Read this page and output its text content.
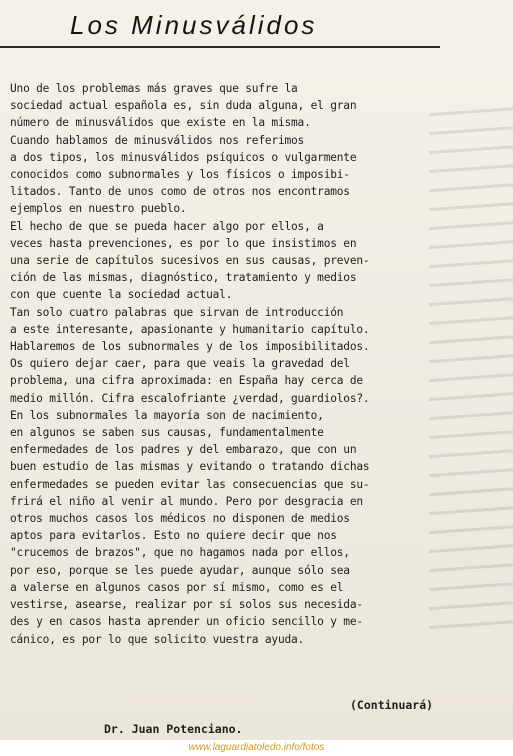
Los Minusválidos
Uno de los problemas más graves que sufre la
sociedad actual española es, sin duda alguna, el gran
número de minusválidos que existe en la misma.
Cuando hablamos de minusválidos nos referimos
a dos tipos, los minusválidos psíquicos o vulgarmente
conocidos como subnormales y los físicos o imposibi-
litados. Tanto de unos como de otros nos encontramos
ejemplos en nuestro pueblo.
El hecho de que se pueda hacer algo por ellos, a
veces hasta prevenciones, es por lo que insistimos en
una serie de capítulos sucesivos en sus causas, preven-
ción de las mismas, diagnóstico, tratamiento y medios
con que cuente la sociedad actual.
Tan solo cuatro palabras que sirvan de introducción
a este interesante, apasionante y humanitario capítulo.
Hablaremos de los subnormales y de los imposibilitados.
Os quiero dejar caer, para que veais la gravedad del
problema, una cifra aproximada: en España hay cerca de
medio millón. Cifra escalofriante ¿verdad, guardiolos?.
En los subnormales la mayoría son de nacimiento,
en algunos se saben sus causas, fundamentalmente
enfermedades de los padres y del embarazo, que con un
buen estudio de las mismas y evitando o tratando dichas
enfermedades se pueden evitar las consecuencias que su-
frirá el niño al venir al mundo. Pero por desgracia en
otros muchos casos los médicos no disponen de medios
aptos para evitarlos. Esto no quiere decir que nos
"crucemos de brazos", que no hagamos nada por ellos,
por eso, porque se les puede ayudar, aunque sólo sea
a valerse en algunos casos por sí mismo, como es el
vestirse, asearse, realizar por sí solos sus necesida-
des y en casos hasta aprender un oficio sencillo y me-
cánico, es por lo que solicito vuestra ayuda.
(Continuará)
Dr. Juan Potenciano.
www.laguardiatoledo.info/fotos
